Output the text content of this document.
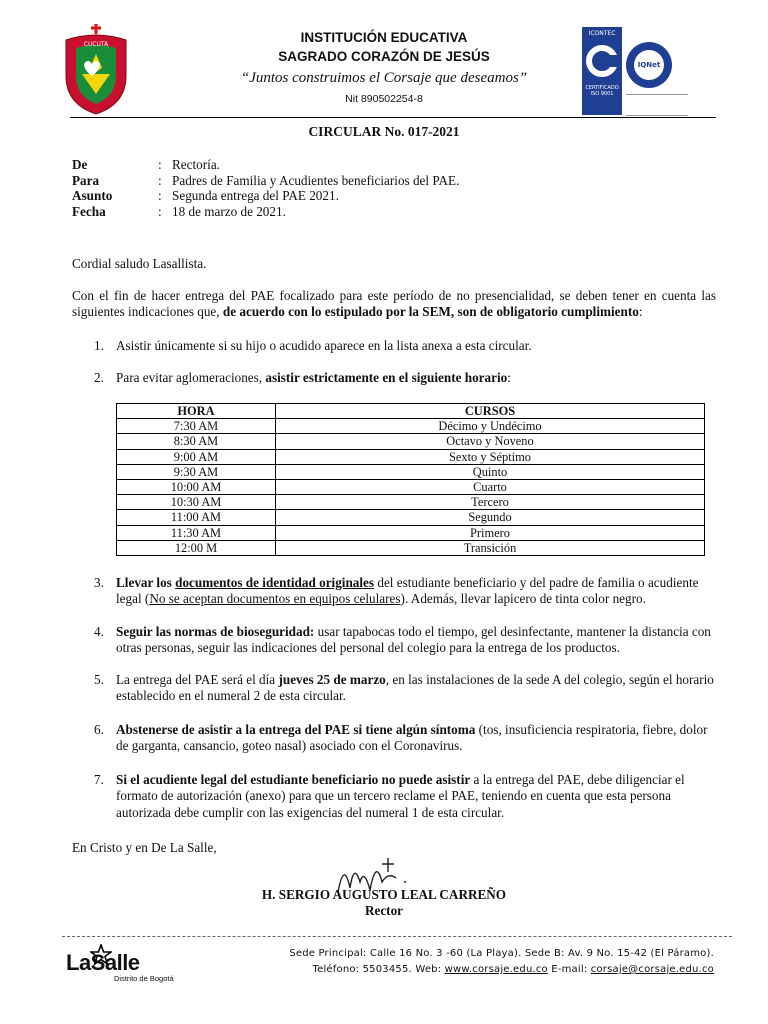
CUCUTA	INSTITUCIÓN EDUCATIVA
SAGRADO CORAZÓN DE JESÚS
“Juntos construimos el Corsaje que deseamos”
Nit 890502254-8
ICONTEC
CERTIFICADO
ISO 9001
IQNet
CIRCULAR No. 017-2021
De	: Rectoría.
Para	: Padres de Familia y Acudientes beneficiarios del PAE.
Asunto	: Segunda entrega del PAE 2021.
Fecha	: 18 de marzo de 2021.
Cordial saludo Lasallista.
Con el fin de hacer entrega del PAE focalizado para este período de no presencialidad, se deben tener en cuenta las siguientes indicaciones que, de acuerdo con lo estipulado por la SEM, son de obligatorio cumplimiento:
1. Asistir únicamente si su hijo o acudido aparece en la lista anexa a esta circular.
2. Para evitar aglomeraciones, asistir estrictamente en el siguiente horario:
HORA	CURSOS
7:30 AM	Décimo y Undécimo
8:30 AM	Octavo y Noveno
9:00 AM	Sexto y Séptimo
9:30 AM	Quinto
10:00 AM	Cuarto
10:30 AM	Tercero
11:00 AM	Segundo
11:30 AM	Primero
12:00 M	Transición
3. Llevar los documentos de identidad originales del estudiante beneficiario y del padre de familia o acudiente legal (No se aceptan documentos en equipos celulares). Además, llevar lapicero de tinta color negro.
4. Seguir las normas de bioseguridad: usar tapabocas todo el tiempo, gel desinfectante, mantener la distancia con otras personas, seguir las indicaciones del personal del colegio para la entrega de los productos.
5. La entrega del PAE será el día jueves 25 de marzo, en las instalaciones de la sede A del colegio, según el horario establecido en el numeral 2 de esta circular.
6. Abstenerse de asistir a la entrega del PAE si tiene algún síntoma (tos, insuficiencia respiratoria, fiebre, dolor de garganta, cansancio, goteo nasal) asociado con el Coronavirus.
7. Si el acudiente legal del estudiante beneficiario no puede asistir a la entrega del PAE, debe diligenciar el formato de autorización (anexo) para que un tercero reclame el PAE, teniendo en cuenta que esta persona autorizada debe cumplir con las exigencias del numeral 1 de esta circular.
En Cristo y en De La Salle,
H. SERGIO AUGUSTO LEAL CARREÑO
Rector
LaSalle
Distrito de Bogotá
Sede Principal: Calle 16 No. 3 -60 (La Playa). Sede B: Av. 9 No. 15-42 (El Páramo).
Teléfono: 5503455. Web: www.corsaje.edu.co E-mail: corsaje@corsaje.edu.co
